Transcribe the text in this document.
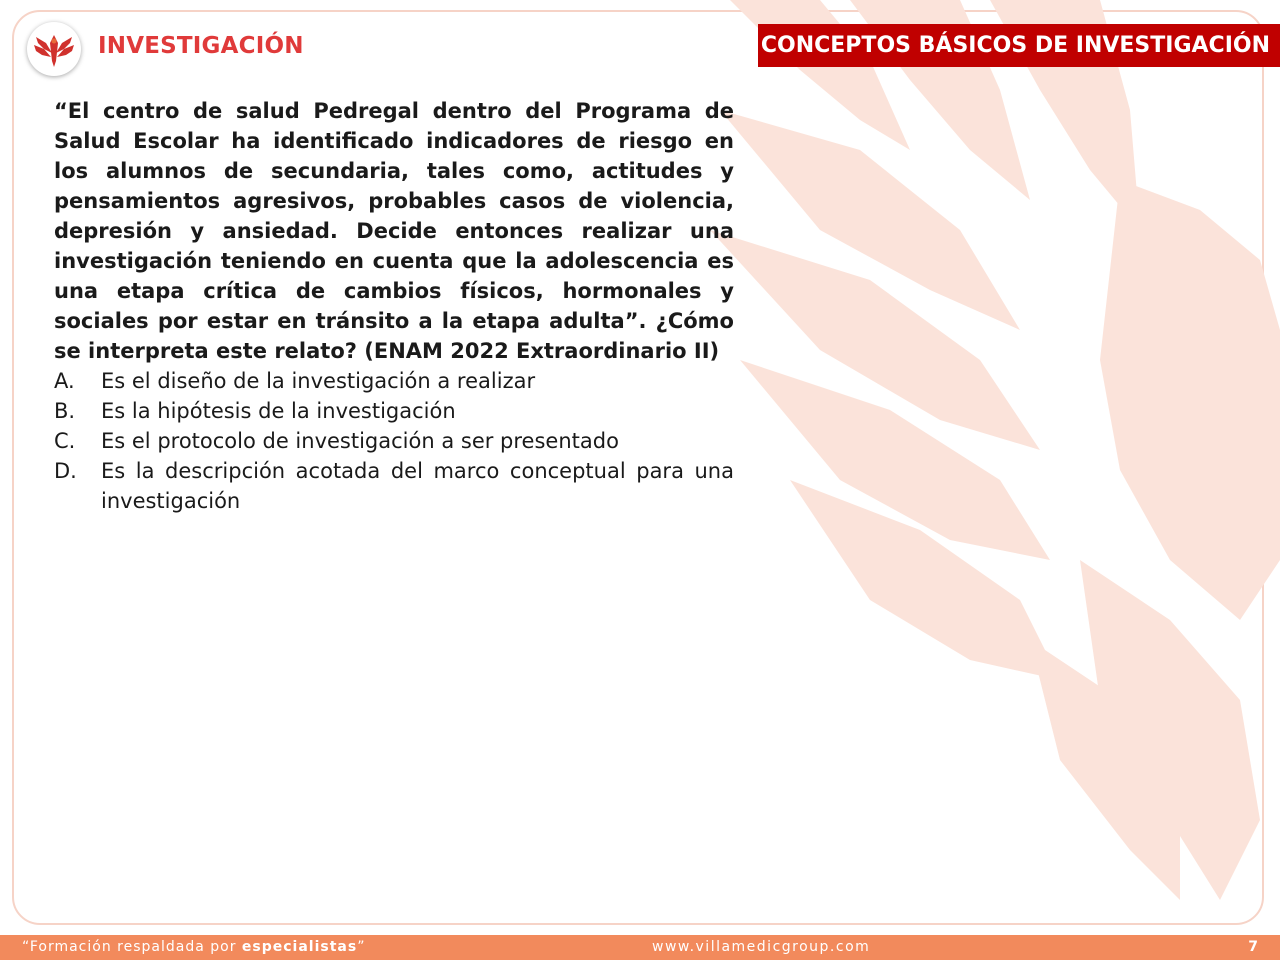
INVESTIGACIÓN	CONCEPTOS BÁSICOS DE INVESTIGACIÓN

“El centro de salud Pedregal dentro del Programa de Salud Escolar ha identificado indicadores de riesgo en los alumnos de secundaria, tales como, actitudes y pensamientos agresivos, probables casos de violencia, depresión y ansiedad. Decide entonces realizar una investigación teniendo en cuenta que la adolescencia es una etapa crítica de cambios físicos, hormonales y sociales por estar en tránsito a la etapa adulta”. ¿Cómo se interpreta este relato? (ENAM 2022 Extraordinario II)

A.	Es el diseño de la investigación a realizar
B.	Es la hipótesis de la investigación
C.	Es el protocolo de investigación a ser presentado
D.	Es la descripción acotada del marco conceptual para una investigación
“Formación respaldada por especialistas”	www.villamedicgroup.com	7
